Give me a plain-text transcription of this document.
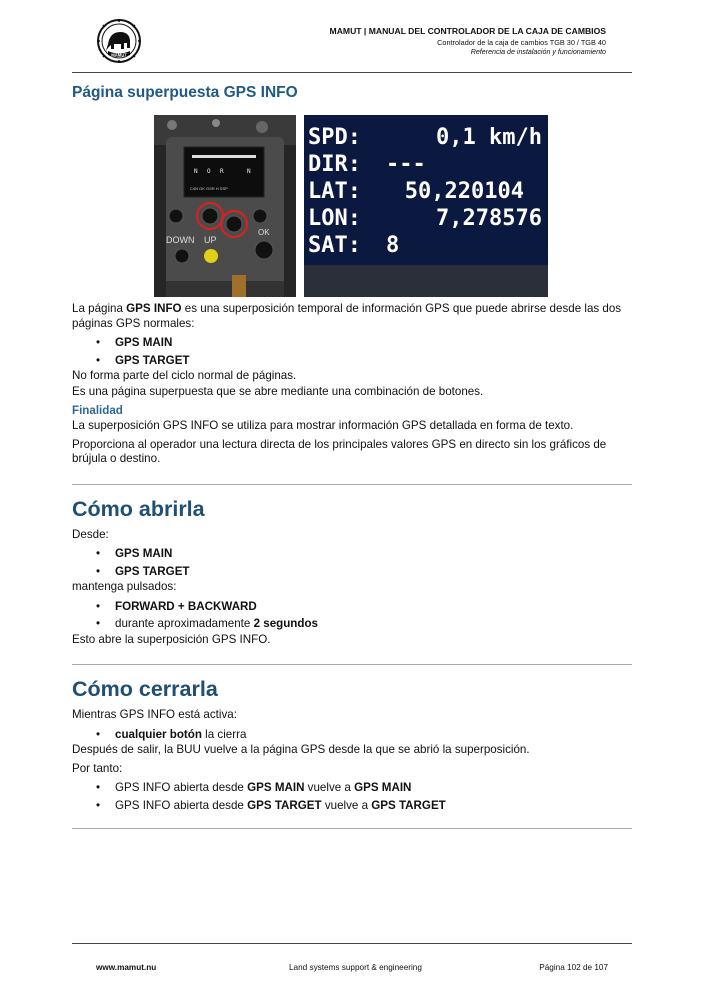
MAMUT
MAMUT | MANUAL DEL CONTROLADOR DE LA CAJA DE CAMBIOS
Controlador de la caja de cambios TGB 30 / TGB 40
Referencia de instalación y funcionamiento
Página superpuesta GPS INFO
N O R	N
C4N GK GSR H SSP
DOWN UP
OK
SPD:	0,1 km/h
DIR: ---
LAT: 50,220104
LON:	7,278576
SAT: 8

La página GPS INFO es una superposición temporal de información GPS que puede abrirse desde las dos páginas GPS normales:

• GPS MAIN
• GPS TARGET

No forma parte del ciclo normal de páginas.

Es una página superpuesta que se abre mediante una combinación de botones.

Finalidad

La superposición GPS INFO se utiliza para mostrar información GPS detallada en forma de texto.

Proporciona al operador una lectura directa de los principales valores GPS en directo sin los gráficos de brújula o destino.

Cómo abrirla

Desde:

• GPS MAIN
• GPS TARGET

mantenga pulsados:

• FORWARD + BACKWARD
• durante aproximadamente 2 segundos

Esto abre la superposición GPS INFO.

Cómo cerrarla

Mientras GPS INFO está activa:

• cualquier botón la cierra

Después de salir, la BUU vuelve a la página GPS desde la que se abrió la superposición.

Por tanto:

• GPS INFO abierta desde GPS MAIN vuelve a GPS MAIN
• GPS INFO abierta desde GPS TARGET vuelve a GPS TARGET
www.mamut.nu	Land systems support & engineering	Página 102 de 107
